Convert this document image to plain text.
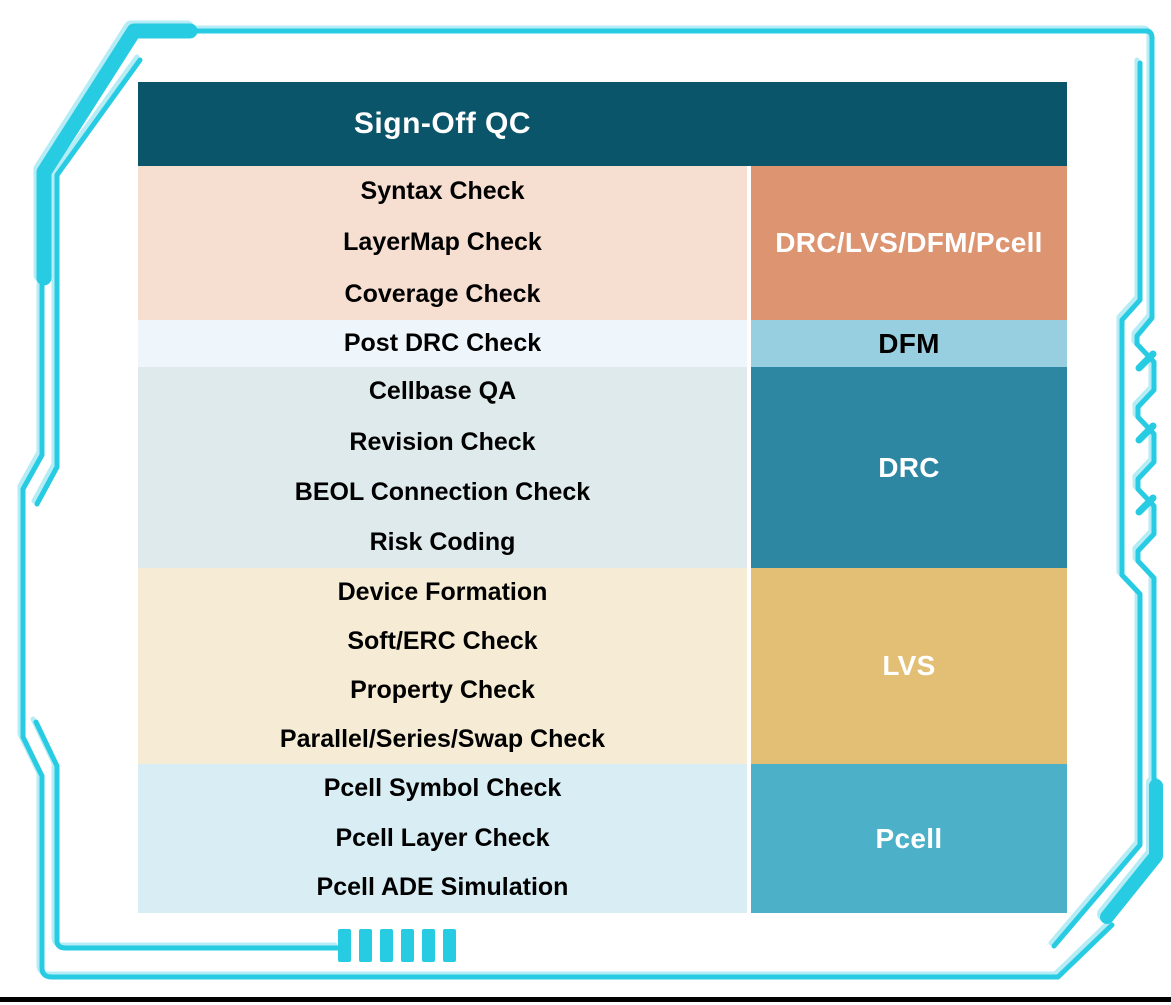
Sign-Off QC
Syntax Check
LayerMap Check
Coverage Check
DRC/LVS/DFM/Pcell
Post DRC Check	DFM
Cellbase QA
Revision Check
BEOL Connection Check
Risk Coding
DRC
Device Formation
Soft/ERC Check
Property Check
Parallel/Series/Swap Check
LVS
Pcell Symbol Check
Pcell Layer Check
Pcell ADE Simulation
Pcell
